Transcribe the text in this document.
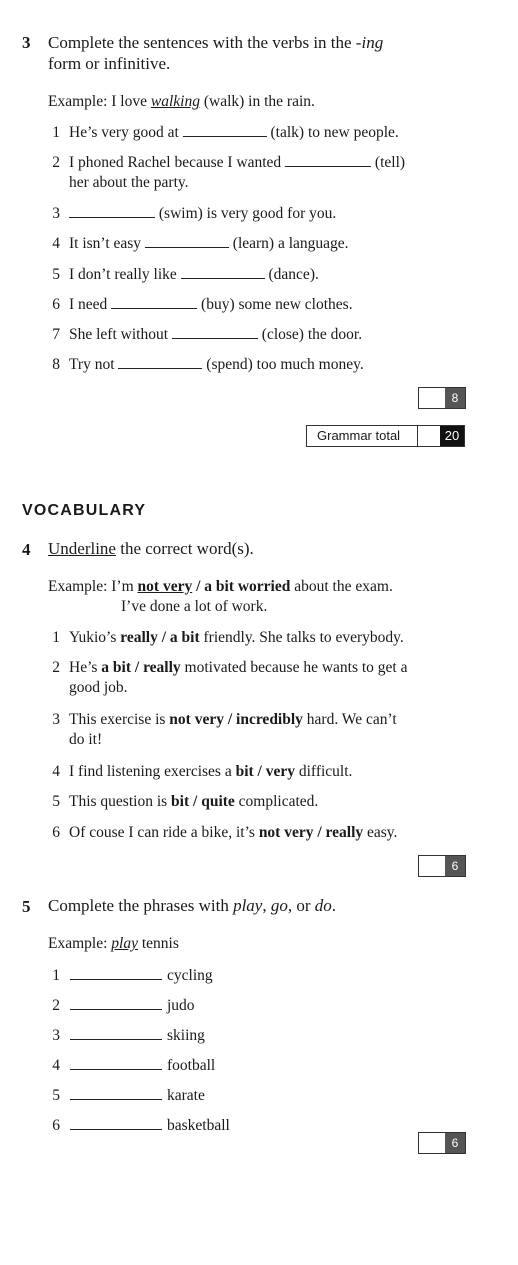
3 Complete the sentences with the verbs in the -ing
form or infinitive.
Example: I love walking (walk) in the rain.
1 He’s very good at	(talk) to new people.
2 I phoned Rachel because I wanted	(tell)
her about the party.
3	(swim) is very good for you.
4 It isn’t easy	(learn) a language.
5 I don’t really like	(dance).
6 I need	(buy) some new clothes.
7 She left without	(close) the door.
8 Try not	(spend) too much money.
8
Grammar total	20
VOCABULARY
4 Underline the correct word(s).
Example: I’m not very / a bit worried about the exam.
I’ve done a lot of work.
1 Yukio’s really / a bit friendly. She talks to everybody.
2 He’s a bit / really motivated because he wants to get a
good job.
3 This exercise is not very / incredibly hard. We can’t
do it!
4 I find listening exercises a bit / very difficult.
5 This question is bit / quite complicated.
6 Of couse I can ride a bike, it’s not very / really easy.
6
5 Complete the phrases with play, go, or do.
Example: play tennis
1	cycling
2	judo
3	skiing
4	football
5	karate
6	basketball
6
